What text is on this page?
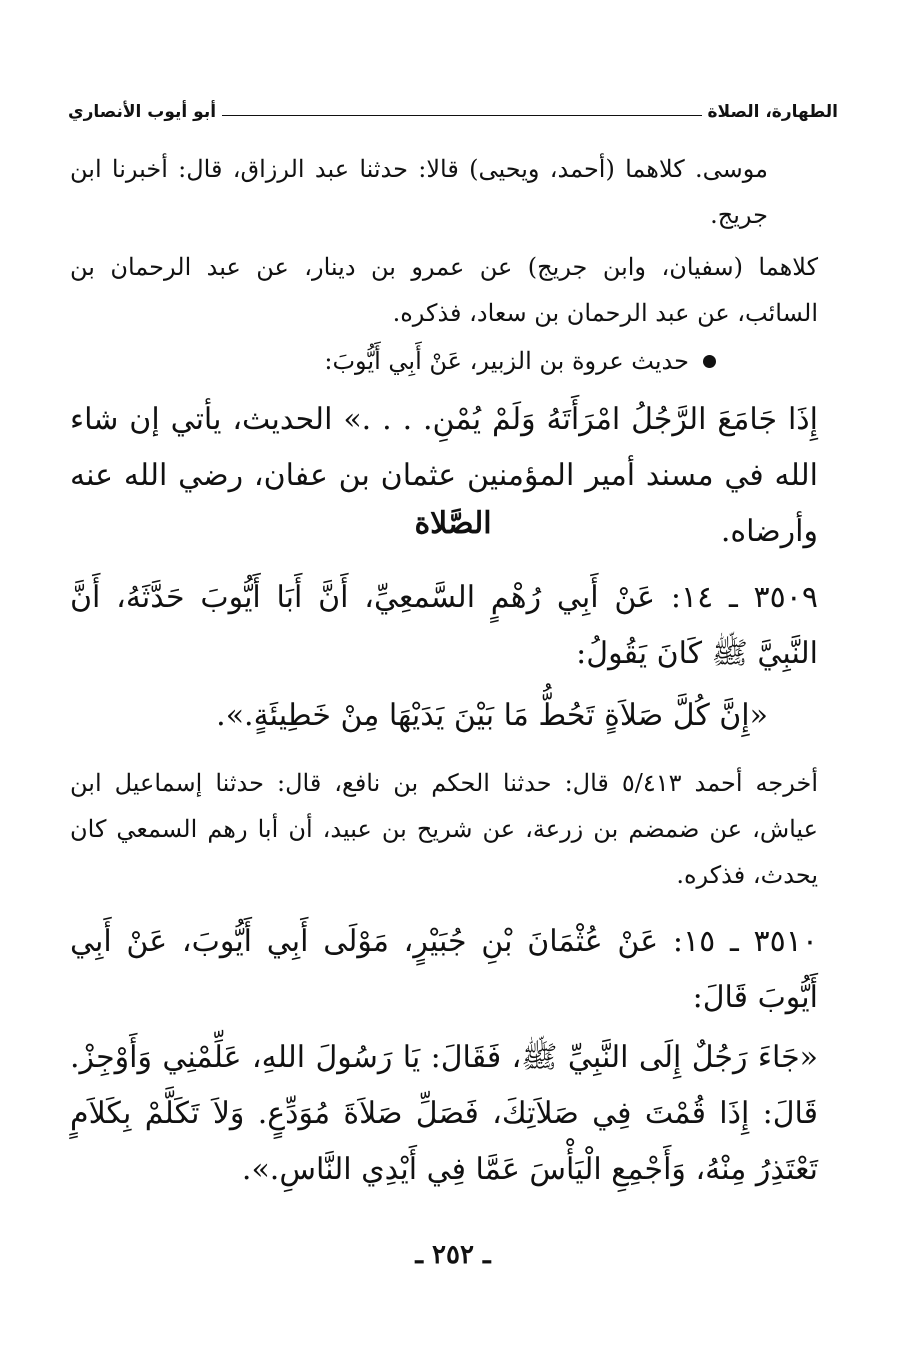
الطهارة، الصلاة
أبو أيوب الأنصاري
موسى. كلاهما (أحمد، ويحيى) قالا: حدثنا عبد الرزاق، قال: أخبرنا ابن جريج.
كلاهما (سفيان، وابن جريج) عن عمرو بن دينار، عن عبد الرحمان بن السائب، عن عبد الرحمان بن سعاد، فذكره.
حديث عروة بن الزبير، عَنْ أَبِي أَيُّوبَ:
إِذَا جَامَعَ الرَّجُلُ امْرَأَتَهُ وَلَمْ يُمْنِ. . . .» الحديث، يأتي إن شاء الله في مسند أمير المؤمنين عثمان بن عفان، رضي الله عنه وأرضاه.
الصَّلاة
٣٥٠٩ ـ ١٤: عَنْ أَبِي رُهْمٍ السَّمعِيِّ، أَنَّ أَبَا أَيُّوبَ حَدَّثَهُ، أَنَّ النَّبِيَّ ﷺ كَانَ يَقُولُ:
«إِنَّ كُلَّ صَلاَةٍ تَحُطُّ مَا بَيْنَ يَدَيْهَا مِنْ خَطِيئَةٍ.».
أخرجه أحمد ٥/٤١٣ قال: حدثنا الحكم بن نافع، قال: حدثنا إسماعيل ابن عياش، عن ضمضم بن زرعة، عن شريح بن عبيد، أن أبا رهم السمعي كان يحدث، فذكره.
٣٥١٠ ـ ١٥: عَنْ عُثْمَانَ بْنِ جُبَيْرٍ، مَوْلَى أَبِي أَيُّوبَ، عَنْ أَبِي أَيُّوبَ قَالَ:
«جَاءَ رَجُلٌ إِلَى النَّبِيِّ ﷺ، فَقَالَ: يَا رَسُولَ اللهِ، عَلِّمْنِي وَأَوْجِزْ. قَالَ: إِذَا قُمْتَ فِي صَلاَتِكَ، فَصَلِّ صَلاَةَ مُوَدِّعٍ. وَلاَ تَكَلَّمْ بِكَلاَمٍ تَعْتَذِرُ مِنْهُ، وَأَجْمِعِ الْيَأْسَ عَمَّا فِي أَيْدِي النَّاسِ.».
ـ ٢٥٢ ـ
